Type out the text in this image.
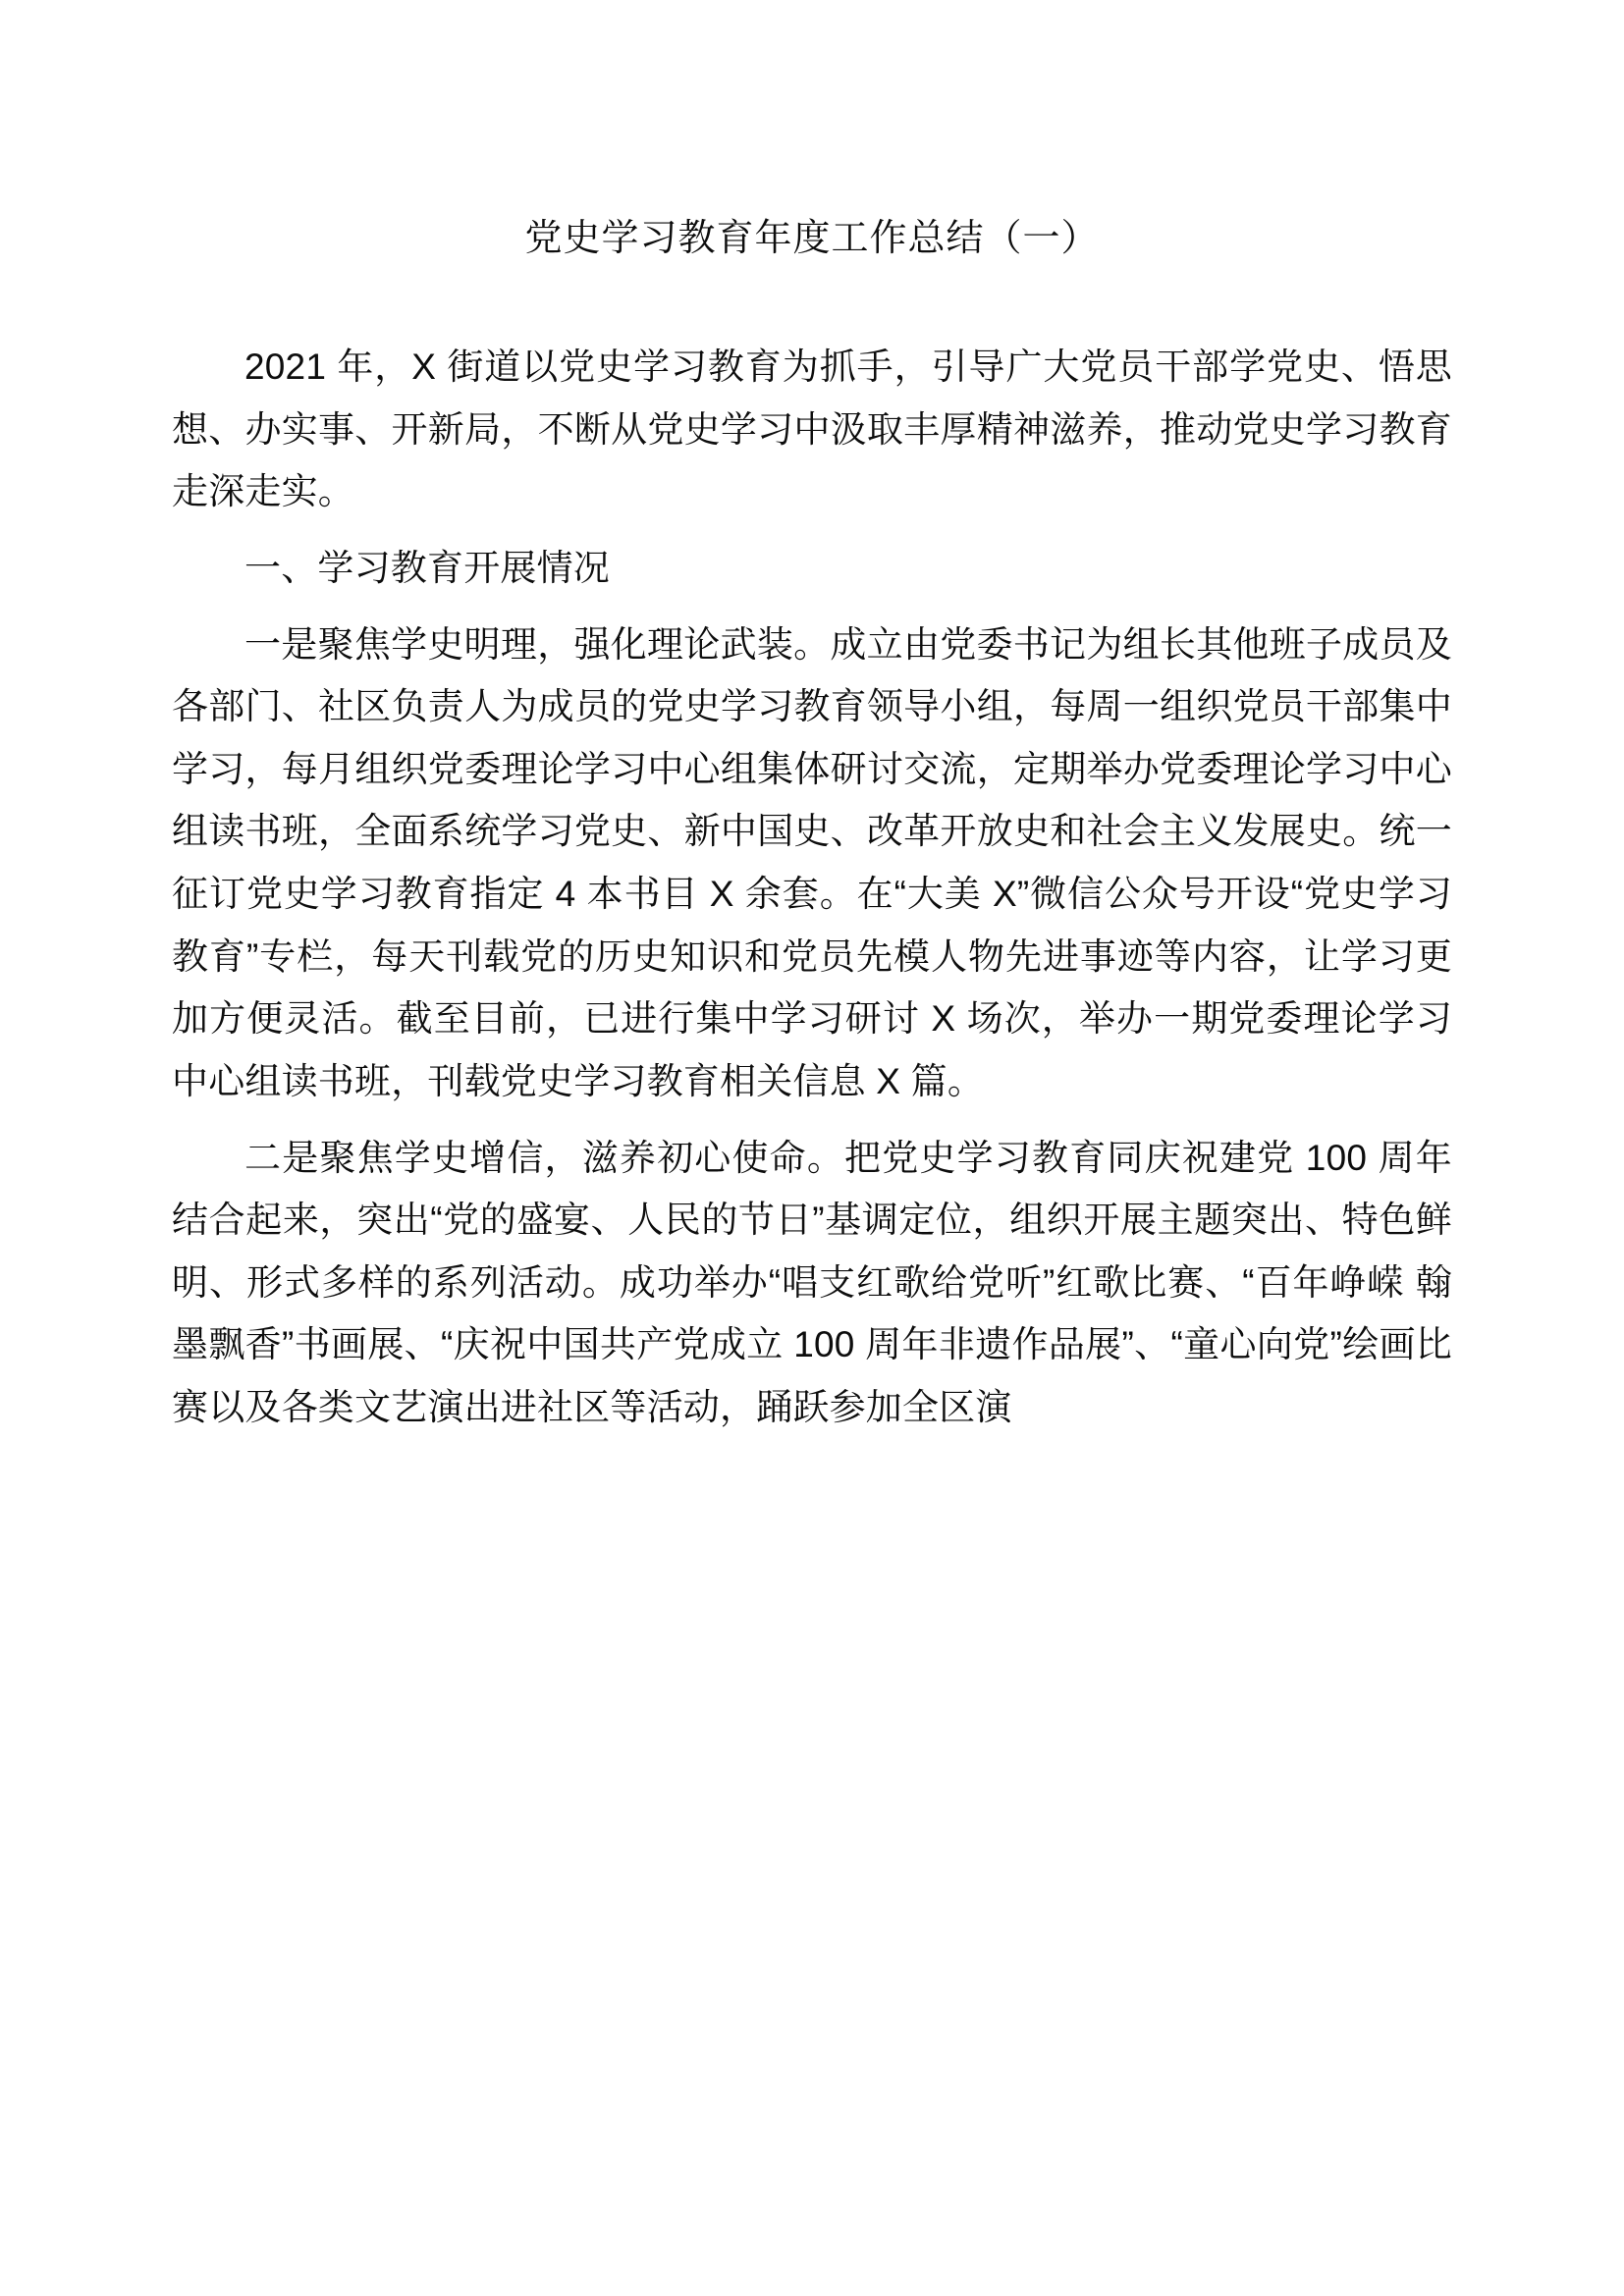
党史学习教育年度工作总结（一）

2021 年，X 街道以党史学习教育为抓手，引导广大党员干部学党史、悟思想、办实事、开新局，不断从党史学习中汲取丰厚精神滋养，推动党史学习教育走深走实。

一、学习教育开展情况

一是聚焦学史明理，强化理论武装。成立由党委书记为组长其他班子成员及各部门、社区负责人为成员的党史学习教育领导小组，每周一组织党员干部集中学习，每月组织党委理论学习中心组集体研讨交流，定期举办党委理论学习中心组读书班，全面系统学习党史、新中国史、改革开放史和社会主义发展史。统一征订党史学习教育指定 4 本书目 X 余套。在“大美 X”微信公众号开设“党史学习教育”专栏，每天刊载党的历史知识和党员先模人物先进事迹等内容，让学习更加方便灵活。截至目前，已进行集中学习研讨 X 场次，举办一期党委理论学习中心组读书班，刊载党史学习教育相关信息 X 篇。

二是聚焦学史增信，滋养初心使命。把党史学习教育同庆祝建党 100 周年结合起来，突出“党的盛宴、人民的节日”基调定位，组织开展主题突出、特色鲜明、形式多样的系列活动。成功举办“唱支红歌给党听”红歌比赛、“百年峥嵘 翰墨飘香”书画展、“庆祝中国共产党成立 100 周年非遗作品展”、“童心向党”绘画比赛以及各类文艺演出进社区等活动，踊跃参加全区演
